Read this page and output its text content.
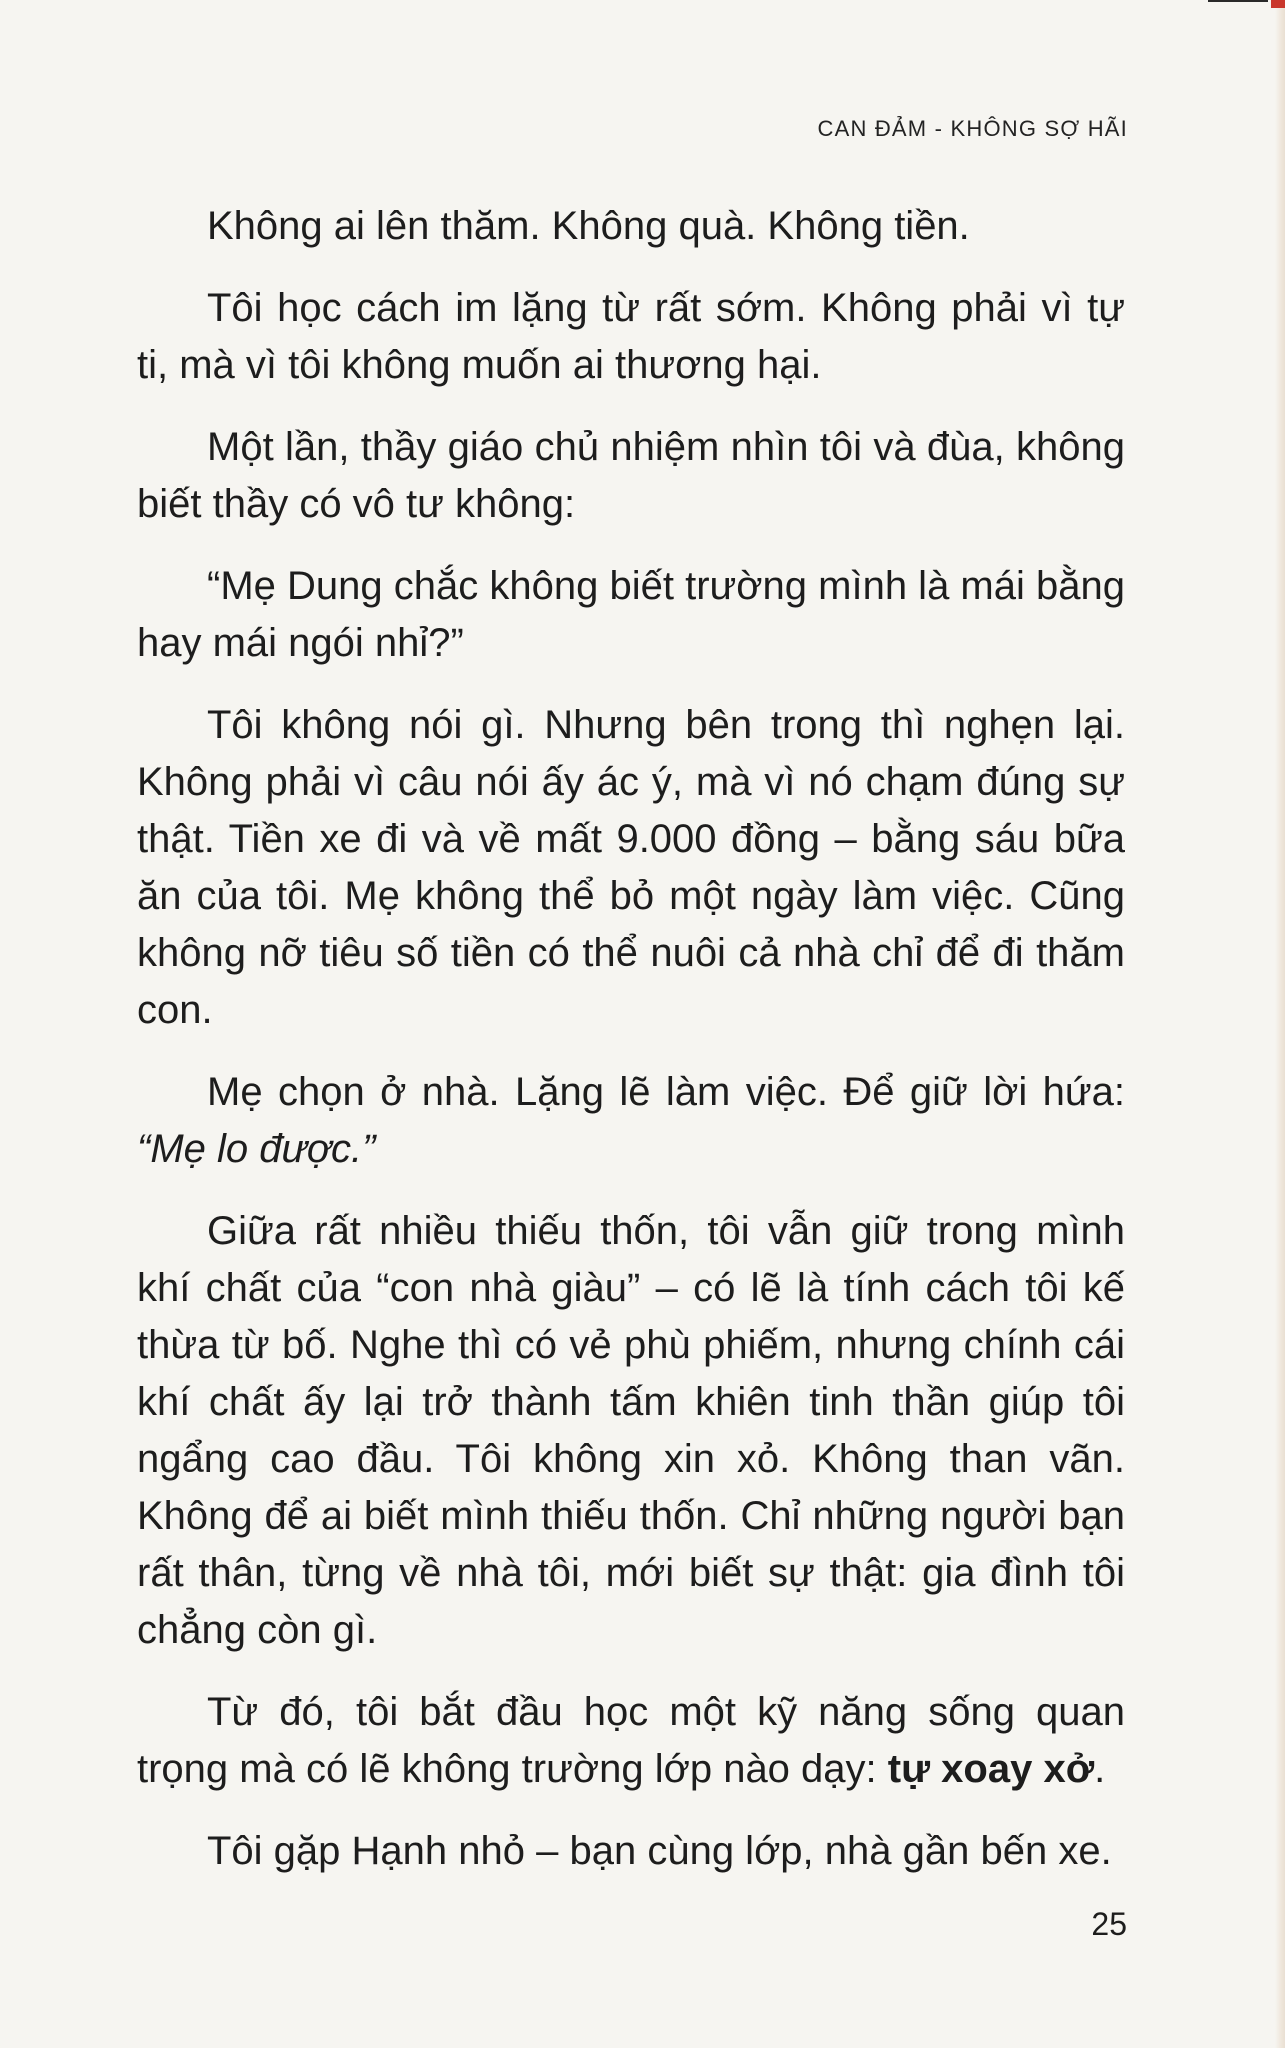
CAN ĐẢM - KHÔNG SỢ HÃI

Không ai lên thăm. Không quà. Không tiền.

Tôi học cách im lặng từ rất sớm. Không phải vì tự ti, mà vì tôi không muốn ai thương hại.

Một lần, thầy giáo chủ nhiệm nhìn tôi và đùa, không biết thầy có vô tư không:

“Mẹ Dung chắc không biết trường mình là mái bằng hay mái ngói nhỉ?”

Tôi không nói gì. Nhưng bên trong thì nghẹn lại. Không phải vì câu nói ấy ác ý, mà vì nó chạm đúng sự thật. Tiền xe đi và về mất 9.000 đồng – bằng sáu bữa ăn của tôi. Mẹ không thể bỏ một ngày làm việc. Cũng không nỡ tiêu số tiền có thể nuôi cả nhà chỉ để đi thăm con.

Mẹ chọn ở nhà. Lặng lẽ làm việc. Để giữ lời hứa: “Mẹ lo được.”

Giữa rất nhiều thiếu thốn, tôi vẫn giữ trong mình khí chất của “con nhà giàu” – có lẽ là tính cách tôi kế thừa từ bố. Nghe thì có vẻ phù phiếm, nhưng chính cái khí chất ấy lại trở thành tấm khiên tinh thần giúp tôi ngẩng cao đầu. Tôi không xin xỏ. Không than vãn. Không để ai biết mình thiếu thốn. Chỉ những người bạn rất thân, từng về nhà tôi, mới biết sự thật: gia đình tôi chẳng còn gì.

Từ đó, tôi bắt đầu học một kỹ năng sống quan trọng mà có lẽ không trường lớp nào dạy: tự xoay xở.

Tôi gặp Hạnh nhỏ – bạn cùng lớp, nhà gần bến xe.

25
